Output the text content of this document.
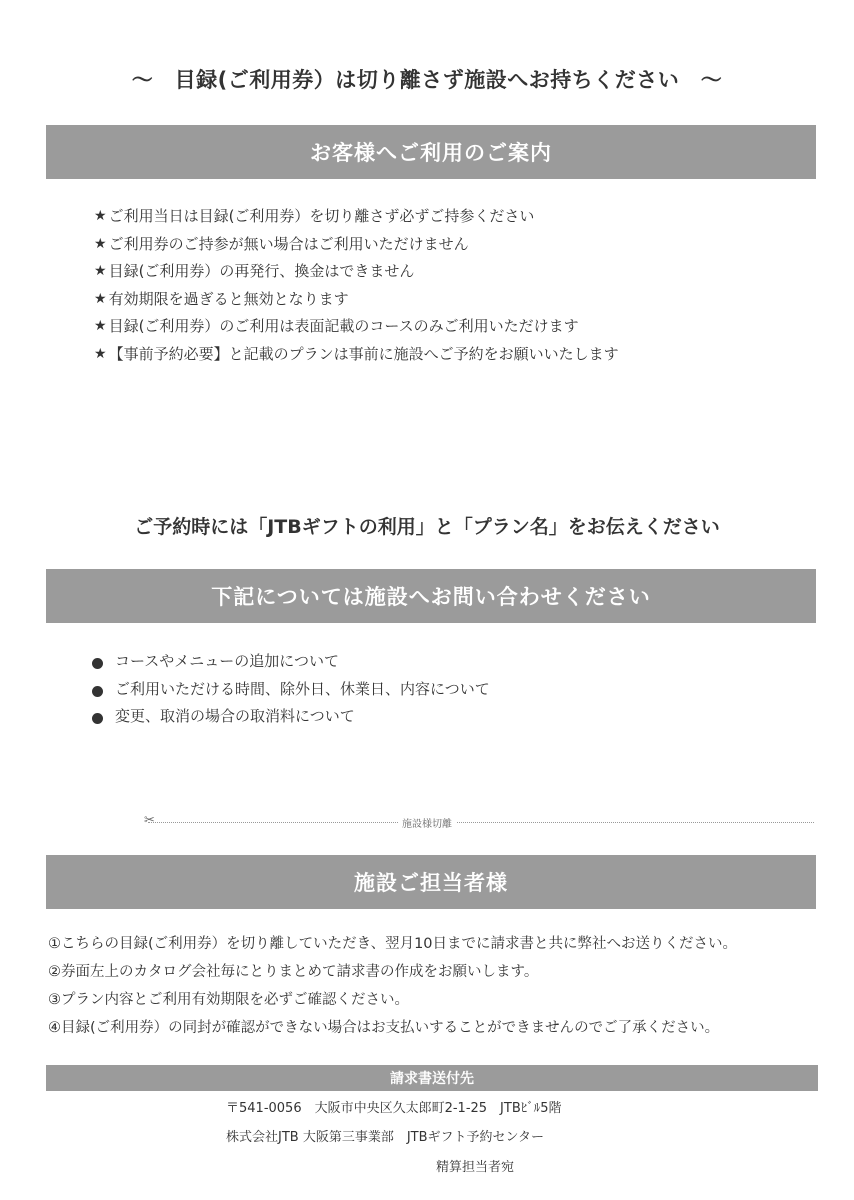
～　目録(ご利用券）は切り離さず施設へお持ちください　～
お客様へご利用のご案内
★ ご利用当日は目録(ご利用券）を切り離さず必ずご持参ください
★ ご利用券のご持参が無い場合はご利用いただけません
★ 目録(ご利用券）の再発行、換金はできません
★ 有効期限を過ぎると無効となります
★ 目録(ご利用券）のご利用は表面記載のコースのみご利用いただけます
★ 【事前予約必要】と記載のプランは事前に施設へご予約をお願いいたします
ご予約時には「JTBギフトの利用」と「プラン名」をお伝えください
下記については施設へお問い合わせください
コースやメニューの追加について
ご利用いただける時間、除外日、休業日、内容について
変更、取消の場合の取消料について
✂	施設様切離
施設ご担当者様
①こちらの目録(ご利用券）を切り離していただき、翌月10日までに請求書と共に弊社へお送りください。
②券面左上のカタログ会社毎にとりまとめて請求書の作成をお願いします。
③プラン内容とご利用有効期限を必ずご確認ください。
④目録(ご利用券）の同封が確認ができない場合はお支払いすることができませんのでご了承ください。
請求書送付先
〒541-0056　大阪市中央区久太郎町2-1-25　JTBﾋﾞﾙ5階
株式会社JTB 大阪第三事業部　JTBギフト予約センター
精算担当者宛
